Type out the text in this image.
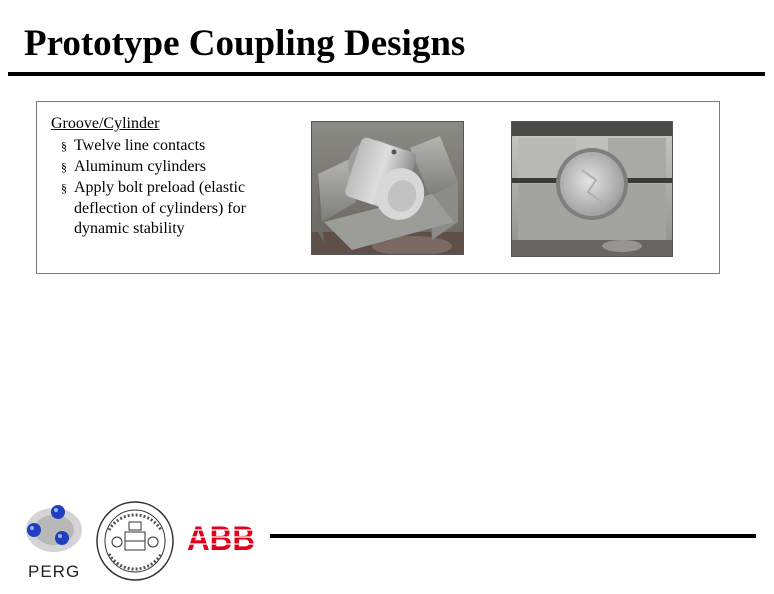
Prototype Coupling Designs

Groove/Cylinder

§ Twelve line contacts
§ Aluminum cylinders
§ Apply bolt preload (elastic deflection of cylinders) for dynamic stability
PERG
ABB
